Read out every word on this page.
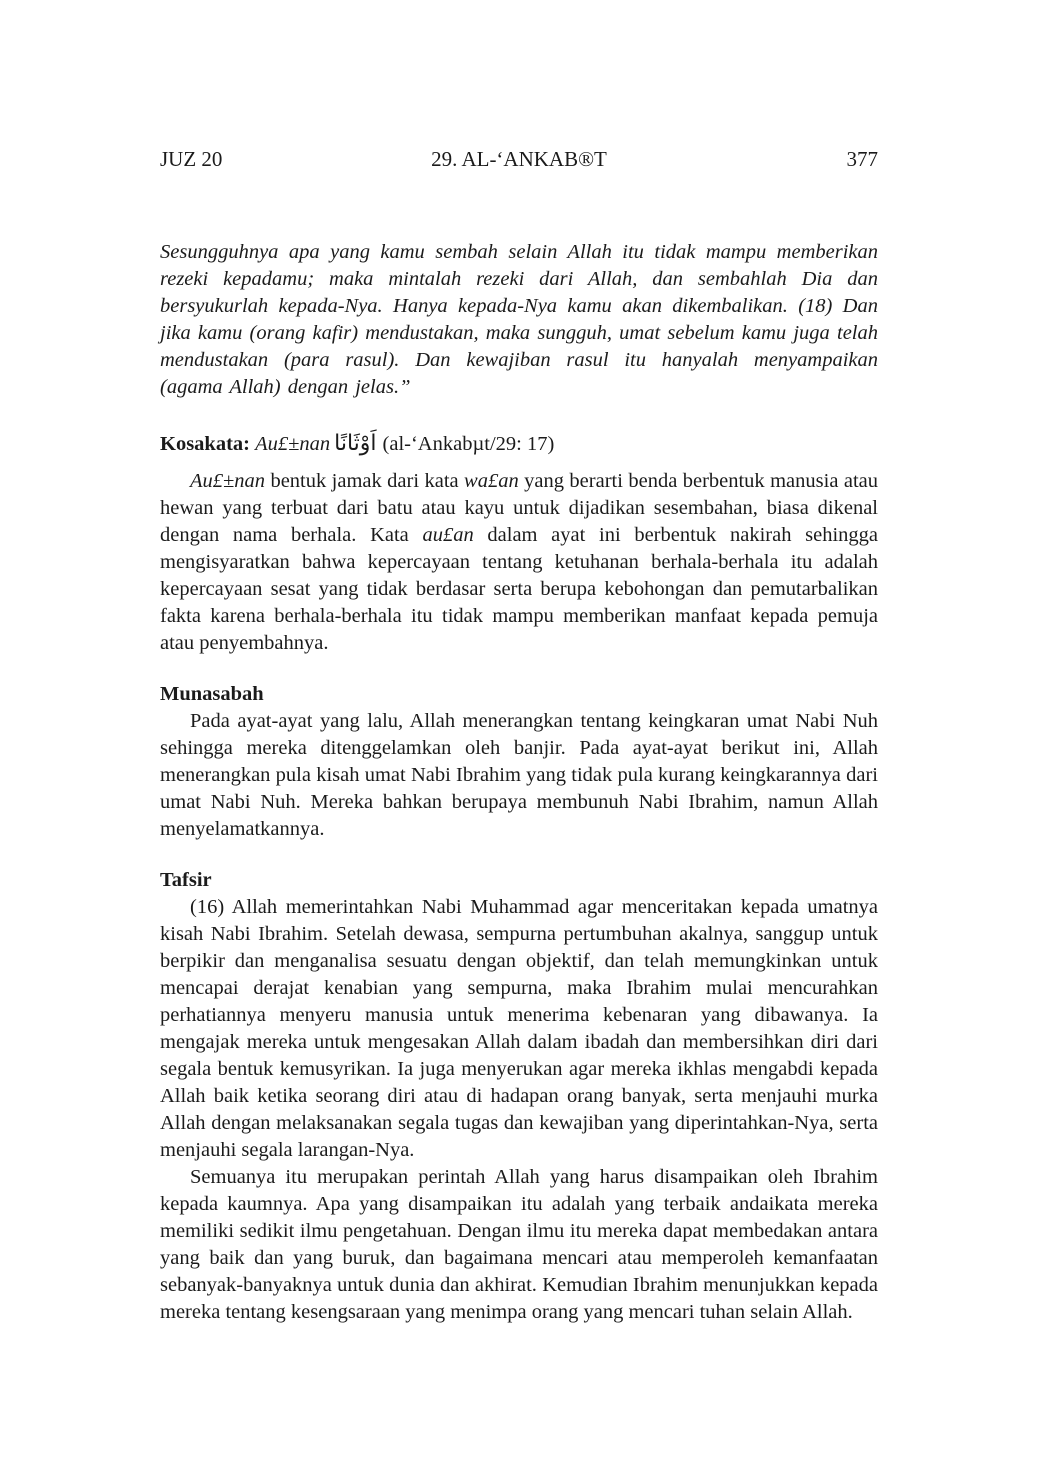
JUZ 20	29. AL-‘ANKAB®T	377

Sesungguhnya apa yang kamu sembah selain Allah itu tidak mampu memberikan rezeki kepadamu; maka mintalah rezeki dari Allah, dan sembahlah Dia dan bersyukurlah kepada-Nya. Hanya kepada-Nya kamu akan dikembalikan. (18) Dan jika kamu (orang kafir) mendustakan, maka sungguh, umat sebelum kamu juga telah mendustakan (para rasul). Dan kewajiban rasul itu hanyalah menyampaikan (agama Allah) dengan jelas.”

Kosakata: Au£±nan اَوْثَانًا (al-‘Ankabµt/29: 17)

Au£±nan bentuk jamak dari kata wa£an yang berarti benda berbentuk manusia atau hewan yang terbuat dari batu atau kayu untuk dijadikan sesembahan, biasa dikenal dengan nama berhala. Kata au£an dalam ayat ini berbentuk nakirah sehingga mengisyaratkan bahwa kepercayaan tentang ketuhanan berhala-berhala itu adalah kepercayaan sesat yang tidak berdasar serta berupa kebohongan dan pemutarbalikan fakta karena berhala-berhala itu tidak mampu memberikan manfaat kepada pemuja atau penyembahnya.

Munasabah

Pada ayat-ayat yang lalu, Allah menerangkan tentang keingkaran umat Nabi Nuh sehingga mereka ditenggelamkan oleh banjir. Pada ayat-ayat berikut ini, Allah menerangkan pula kisah umat Nabi Ibrahim yang tidak pula kurang keingkarannya dari umat Nabi Nuh. Mereka bahkan berupaya membunuh Nabi Ibrahim, namun Allah menyelamatkannya.

Tafsir

(16) Allah memerintahkan Nabi Muhammad agar menceritakan kepada umatnya kisah Nabi Ibrahim. Setelah dewasa, sempurna pertumbuhan akalnya, sanggup untuk berpikir dan menganalisa sesuatu dengan objektif, dan telah memungkinkan untuk mencapai derajat kenabian yang sempurna, maka Ibrahim mulai mencurahkan perhatiannya menyeru manusia untuk menerima kebenaran yang dibawanya. Ia mengajak mereka untuk mengesakan Allah dalam ibadah dan membersihkan diri dari segala bentuk kemusyrikan. Ia juga menyerukan agar mereka ikhlas mengabdi kepada Allah baik ketika seorang diri atau di hadapan orang banyak, serta menjauhi murka Allah dengan melaksanakan segala tugas dan kewajiban yang diperintahkan-Nya, serta menjauhi segala larangan-Nya.

Semuanya itu merupakan perintah Allah yang harus disampaikan oleh Ibrahim kepada kaumnya. Apa yang disampaikan itu adalah yang terbaik andaikata mereka memiliki sedikit ilmu pengetahuan. Dengan ilmu itu mereka dapat membedakan antara yang baik dan yang buruk, dan bagaimana mencari atau memperoleh kemanfaatan sebanyak-banyaknya untuk dunia dan akhirat. Kemudian Ibrahim menunjukkan kepada mereka tentang kesengsaraan yang menimpa orang yang mencari tuhan selain Allah.
